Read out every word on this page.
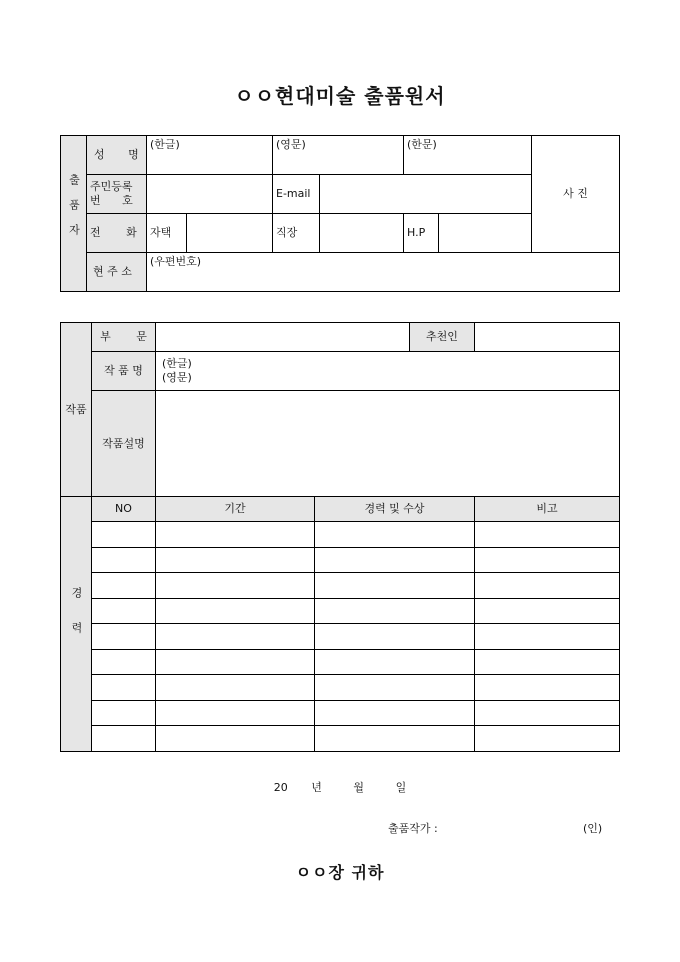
ㅇㅇ현대미술 출품원서
출품자	성 명	(한글)		(영문)		(한문)		사 진

	주민등록
번 호			E-mail				
	전 화	자택		직장		H.P		
	현 주 소	(우편번호)						
작품	부 문			추천인	
	작 품 명	(한글)
(영문)			

	작품설명				
경력	NO	기간	경력 및 수상		비고

20 년	월	일
출품작가 :	(인)
ㅇㅇ장 귀하
